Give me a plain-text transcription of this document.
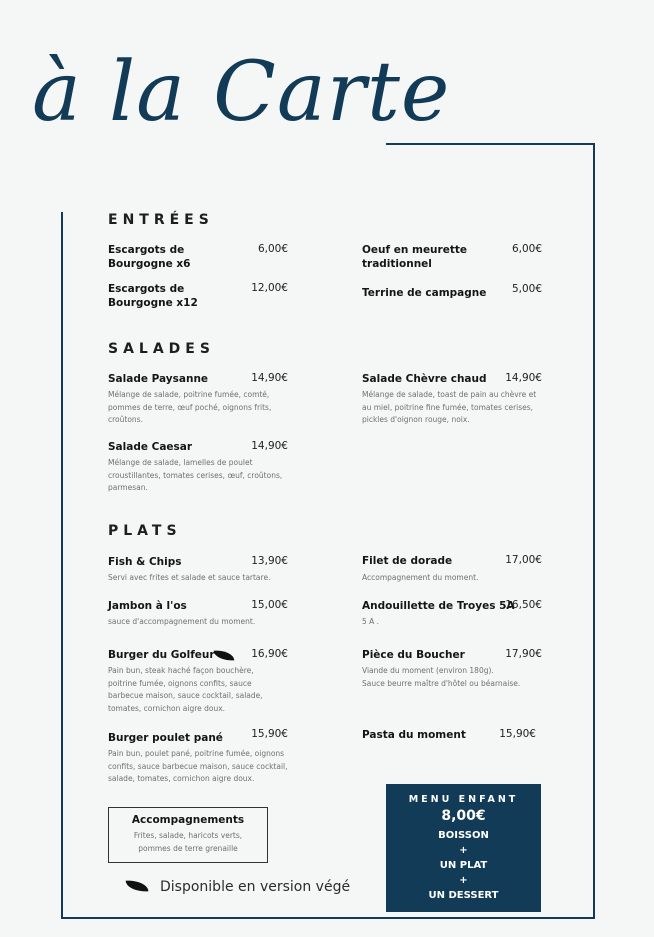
à la Carte
ENTRÉES
Escargots de
Bourgogne x6
6,00€
Escargots de
Bourgogne x12
12,00€
Oeuf en meurette
traditionnel
6,00€
Terrine de campagne	5,00€
SALADES
Salade Paysanne	14,90€
Mélange de salade, poitrine fumée, comté, pommes de terre, œuf poché, oignons frits, croûtons.
Salade Caesar	14,90€
Mélange de salade, lamelles de poulet croustillantes, tomates cerises, œuf, croûtons, parmesan.
Salade Chèvre chaud	14,90€
Mélange de salade, toast de pain au chèvre et au miel, poitrine fine fumée, tomates cerises, pickles d'oignon rouge, noix.
PLATS
Fish & Chips	13,90€
Servi avec frites et salade et sauce tartare.
Jambon à l'os	15,00€
sauce d'accompagnement du moment.
Burger du Golfeur	16,90€
Pain bun, steak haché façon bouchère, poitrine fumée, oignons confits, sauce barbecue maison, sauce cocktail, salade, tomates, cornichon aigre doux.
Burger poulet pané	15,90€
Pain bun, poulet pané, poitrine fumée, oignons confits, sauce barbecue maison, sauce cocktail, salade, tomates, cornichon aigre doux.
Filet de dorade	17,00€
Accompagnement du moment.
Andouillette de Troyes 5A
16,50€
5 A .
Pièce du Boucher	17,90€
Viande du moment (environ 180g).
Sauce beurre maître d'hôtel ou béarnaise.
Pasta du moment	15,90€
Accompagnements
Frites, salade, haricots verts,
pommes de terre grenaille
Disponible en version végé
MENU ENFANT
8,00€
BOISSON
+
UN PLAT
+
UN DESSERT
